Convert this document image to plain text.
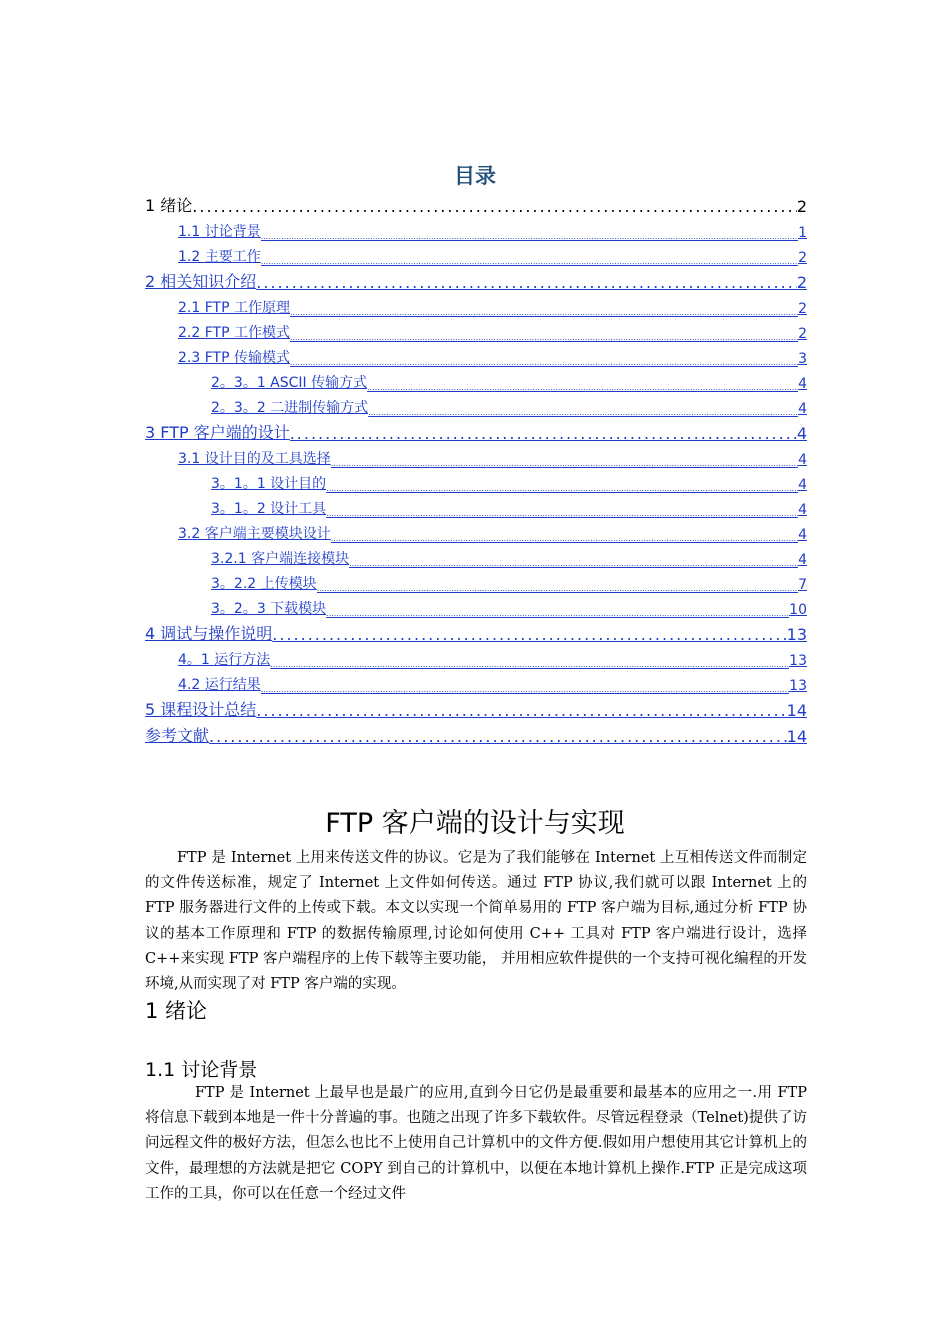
目录
1 绪论 .....	2
1.1 讨论背景 .....	1
1.2 主要工作 .....	2
2 相关知识介绍 .....	2
2.1 FTP 工作原理 .....	2
2.2 FTP 工作模式 .....	2
2.3 FTP 传输模式 .....	3
2。3。1 ASCII 传输方式 .....	4
2。3。2 二进制传输方式 .....	4
3 FTP 客户端的设计 .....	4
3.1 设计目的及工具选择 .....	4
3。1。1 设计目的 .....	4
3。1。2 设计工具 .....	4
3.2 客户端主要模块设计 .....	4
3.2.1 客户端连接模块 .....	4
3。2.2 上传模块 .....	7
3。2。3 下载模块 .....	10
4 调试与操作说明 .....	13
4。1 运行方法 .....	13
4.2 运行结果 .....	13
5 课程设计总结 .....	14
参考文献 .....	14
FTP 客户端的设计与实现

FTP 是 Internet 上用来传送文件的协议。它是为了我们能够在 Internet 上互相传送文件而制定的文件传送标准，规定了 Internet 上文件如何传送。通过 FTP 协议,我们就可以跟 Internet 上的 FTP 服务器进行文件的上传或下载。本文以实现一个简单易用的 FTP 客户端为目标,通过分析 FTP 协议的基本工作原理和 FTP 的数据传输原理,讨论如何使用 C++ 工具对 FTP 客户端进行设计，选择 C++来实现 FTP 客户端程序的上传下载等主要功能， 并用相应软件提供的一个支持可视化编程的开发环境,从而实现了对 FTP 客户端的实现。

1 绪论
1.1 讨论背景

FTP 是 Internet 上最早也是最广的应用,直到今日它仍是最重要和最基本的应用之一.用 FTP 将信息下载到本地是一件十分普遍的事。也随之出现了许多下载软件。尽管远程登录（Telnet)提供了访问远程文件的极好方法，但怎么也比不上使用自己计算机中的文件方便.假如用户想使用其它计算机上的文件，最理想的方法就是把它 COPY 到自己的计算机中，以便在本地计算机上操作.FTP 正是完成这项工作的工具，你可以在任意一个经过文件
